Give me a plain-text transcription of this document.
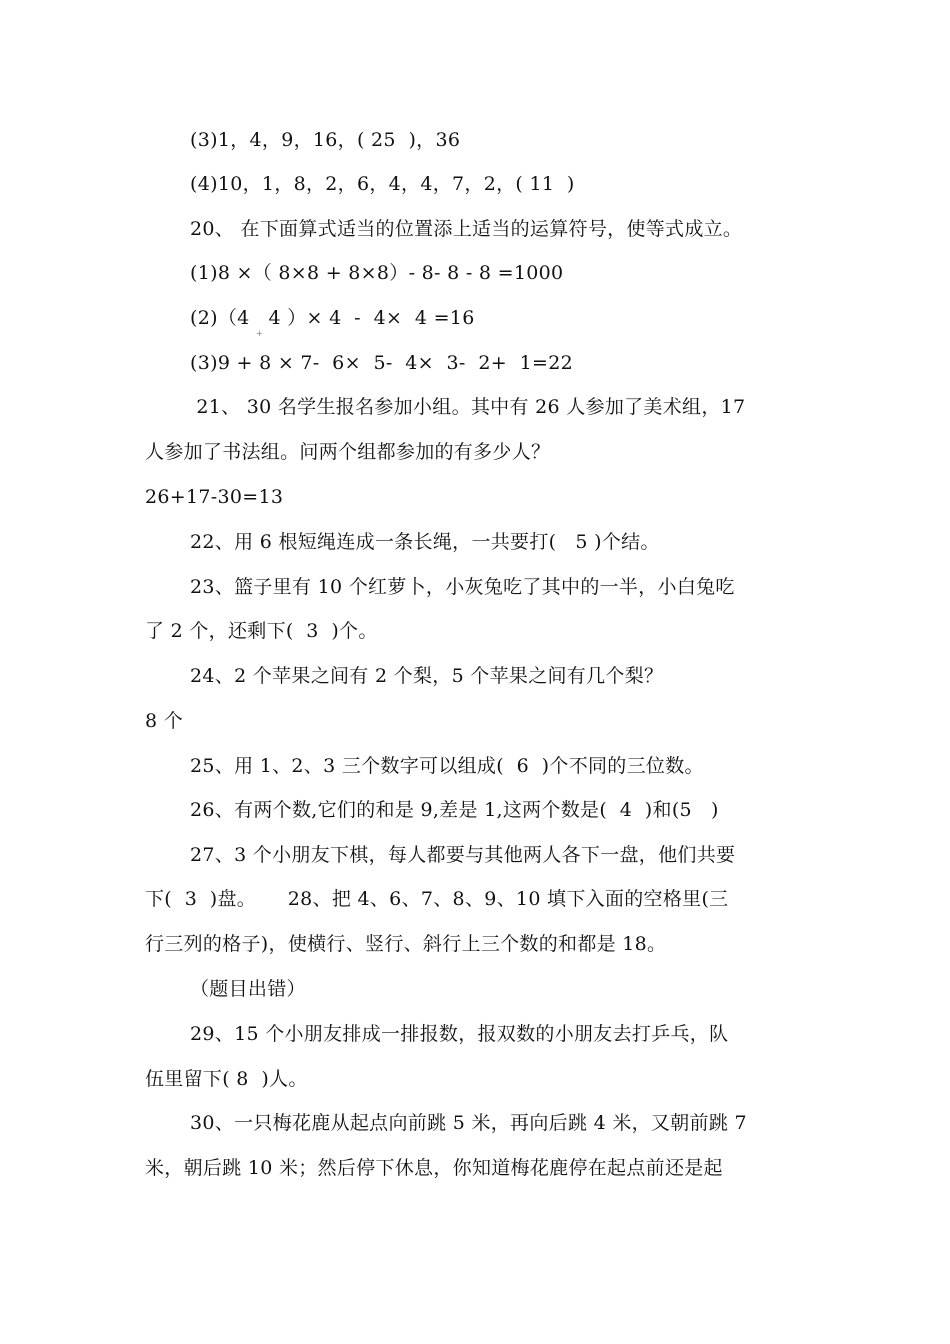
(3)1，4，9，16，( 25  )，36
(4)10，1，8，2，6，4，4，7，2，( 11  )
20、 在下面算式适当的位置添上适当的运算符号，使等式成立。
(1)8 ×（ 8×8 + 8×8）- 8- 8 - 8 =1000
(2)（4   4 ）× 4  -  4×  4 =16
+
(3)9 + 8 × 7-  6×  5-  4×  3-  2+  1=22
21、 30 名学生报名参加小组。其中有 26 人参加了美术组，17
人参加了书法组。问两个组都参加的有多少人？
26+17-30=13
22、用 6 根短绳连成一条长绳，一共要打(   5 )个结。
23、篮子里有 10 个红萝卜，小灰兔吃了其中的一半，小白兔吃
了 2 个，还剩下(  3  )个。
24、2 个苹果之间有 2 个梨，5 个苹果之间有几个梨？
8 个
25、用 1、2、3 三个数字可以组成(  6  )个不同的三位数。
26、有两个数,它们的和是 9,差是 1,这两个数是(  4  )和(5   )
27、3 个小朋友下棋，每人都要与其他两人各下一盘，他们共要
下(  3  )盘。     28、把 4、6、7、8、9、10 填下入面的空格里(三
行三列的格子)，使横行、竖行、斜行上三个数的和都是 18。
（题目出错）
29、15 个小朋友排成一排报数，报双数的小朋友去打乒乓，队
伍里留下( 8  )人。
30、一只梅花鹿从起点向前跳 5 米，再向后跳 4 米，又朝前跳 7
米，朝后跳 10 米；然后停下休息，你知道梅花鹿停在起点前还是起
